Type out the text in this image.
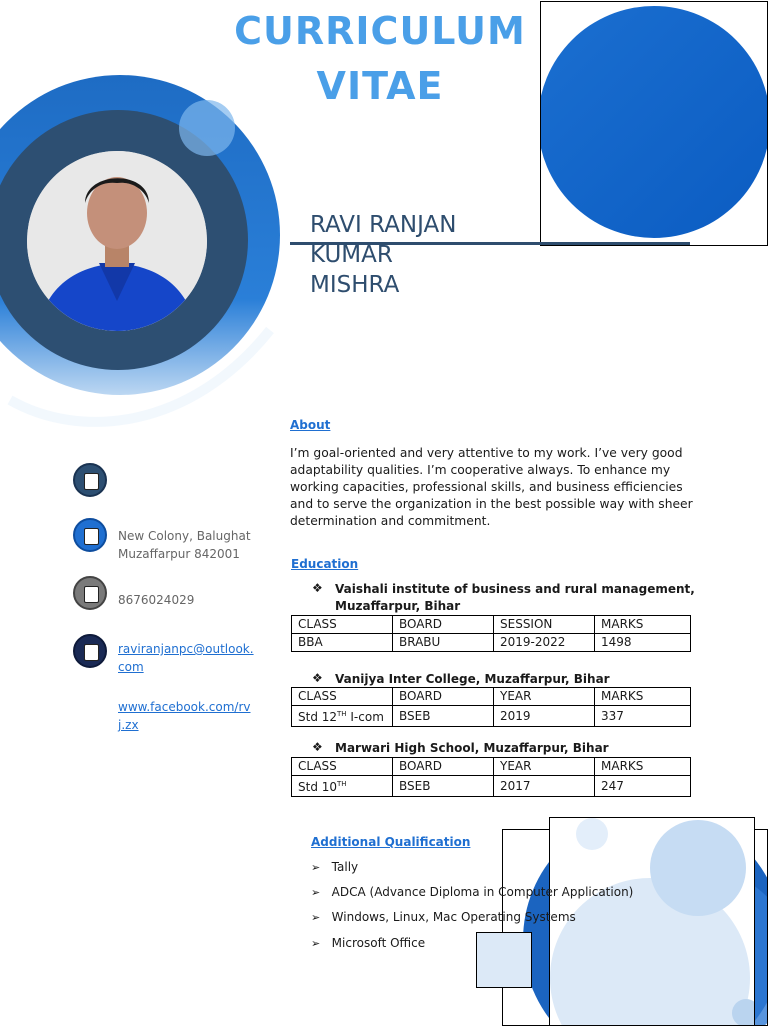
CURRICULUM
VITAE
RAVI RANJAN
KUMAR
MISHRA
New Colony, Balughat
Muzaffarpur 842001
8676024029
raviranjanpc@outlook.
com
www.facebook.com/rv
j.zx
About
I’m goal-oriented and very attentive to my work. I’ve very good adaptability qualities. I’m cooperative always. To enhance my working capacities, professional skills, and business efficiencies and to serve the organization in the best possible way with sheer determination and commitment.
Education
❖ Vaishali institute of business and rural management,
Muzaffarpur, Bihar
CLASS	BOARD	SESSION	MARKS
BBA	BRABU	2019-2022	1498
❖ Vanijya Inter College, Muzaffarpur, Bihar
CLASS	BOARD	YEAR	MARKS
Std 12TH I-com	BSEB	2019	337
❖ Marwari High School, Muzaffarpur, Bihar
CLASS	BOARD	YEAR	MARKS
Std 10TH	BSEB	2017	247
Additional Qualification
➢ Tally
➢ ADCA (Advance Diploma in Computer Application)
➢ Windows, Linux, Mac Operating Systems
➢ Microsoft Office
